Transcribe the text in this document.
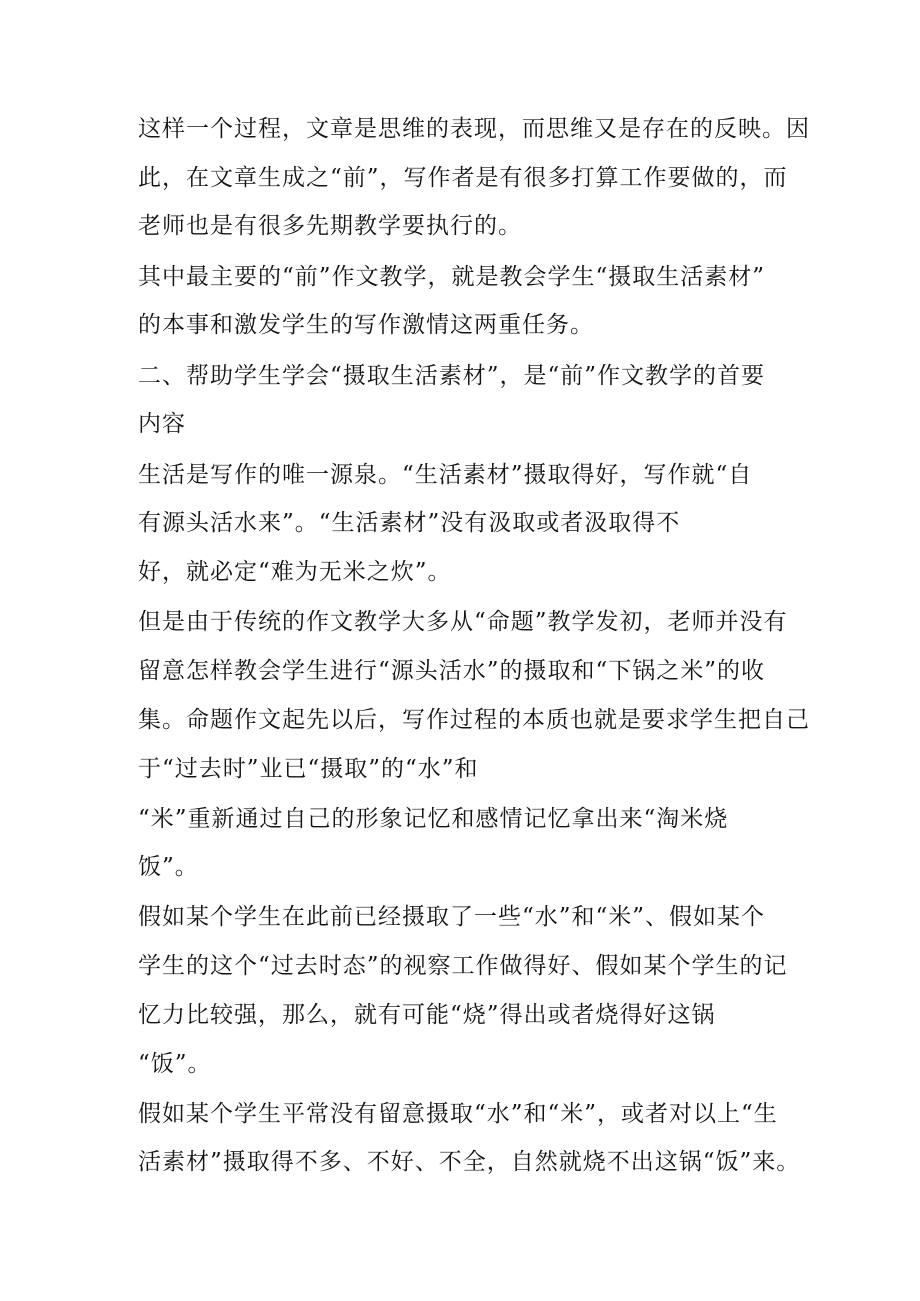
这样一个过程，文章是思维的表现，而思维又是存在的反映。因

此，在文章生成之“前”，写作者是有很多打算工作要做的，而

老师也是有很多先期教学要执行的。

其中最主要的“前”作文教学，就是教会学生“摄取生活素材”

的本事和激发学生的写作激情这两重任务。

二、帮助学生学会“摄取生活素材”，是“前”作文教学的首要

内容

生活是写作的唯一源泉。“生活素材”摄取得好，写作就“自

有源头活水来”。“生活素材”没有汲取或者汲取得不

好，就必定“难为无米之炊”。

但是由于传统的作文教学大多从“命题”教学发初，老师并没有

留意怎样教会学生进行“源头活水”的摄取和“下锅之米”的收

集。命题作文起先以后，写作过程的本质也就是要求学生把自己

于“过去时”业已“摄取”的“水”和

“米”重新通过自己的形象记忆和感情记忆拿出来“淘米烧

饭”。

假如某个学生在此前已经摄取了一些“水”和“米”、假如某个

学生的这个“过去时态”的视察工作做得好、假如某个学生的记

忆力比较强，那么，就有可能“烧”得出或者烧得好这锅

“饭”。

假如某个学生平常没有留意摄取“水”和“米”，或者对以上“生

活素材”摄取得不多、不好、不全，自然就烧不出这锅“饭”来。
